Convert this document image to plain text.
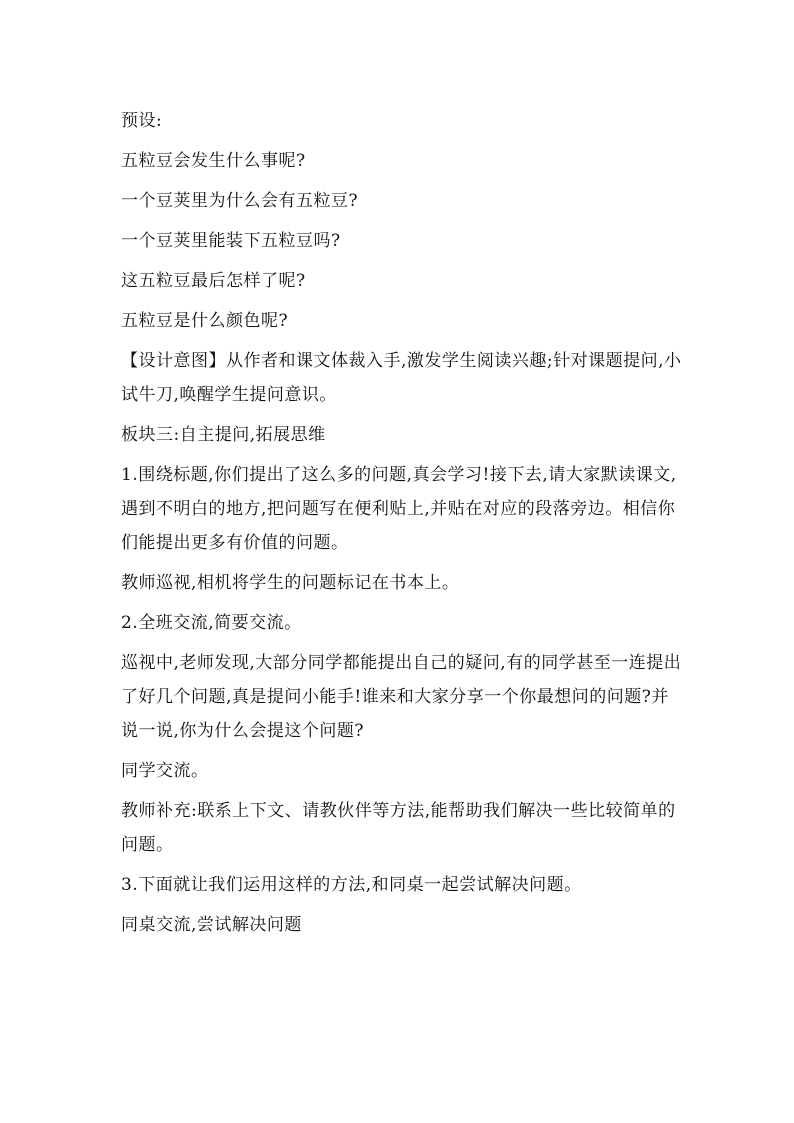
预设:

五粒豆会发生什么事呢?

一个豆荚里为什么会有五粒豆?

一个豆荚里能装下五粒豆吗?

这五粒豆最后怎样了呢?

五粒豆是什么颜色呢?

【设计意图】从作者和课文体裁入手,激发学生阅读兴趣;针对课题提问,小试牛刀,唤醒学生提问意识。

板块三:自主提问,拓展思维

1.围绕标题,你们提出了这么多的问题,真会学习!接下去,请大家默读课文,遇到不明白的地方,把问题写在便利贴上,并贴在对应的段落旁边。相信你们能提出更多有价值的问题。

教师巡视,相机将学生的问题标记在书本上。

2.全班交流,简要交流。

巡视中,老师发现,大部分同学都能提出自己的疑问,有的同学甚至一连提出了好几个问题,真是提问小能手!谁来和大家分享一个你最想问的问题?并说一说,你为什么会提这个问题?

同学交流。

教师补充:联系上下文、请教伙伴等方法,能帮助我们解决一些比较简单的问题。

3.下面就让我们运用这样的方法,和同桌一起尝试解决问题。

同桌交流,尝试解决问题
